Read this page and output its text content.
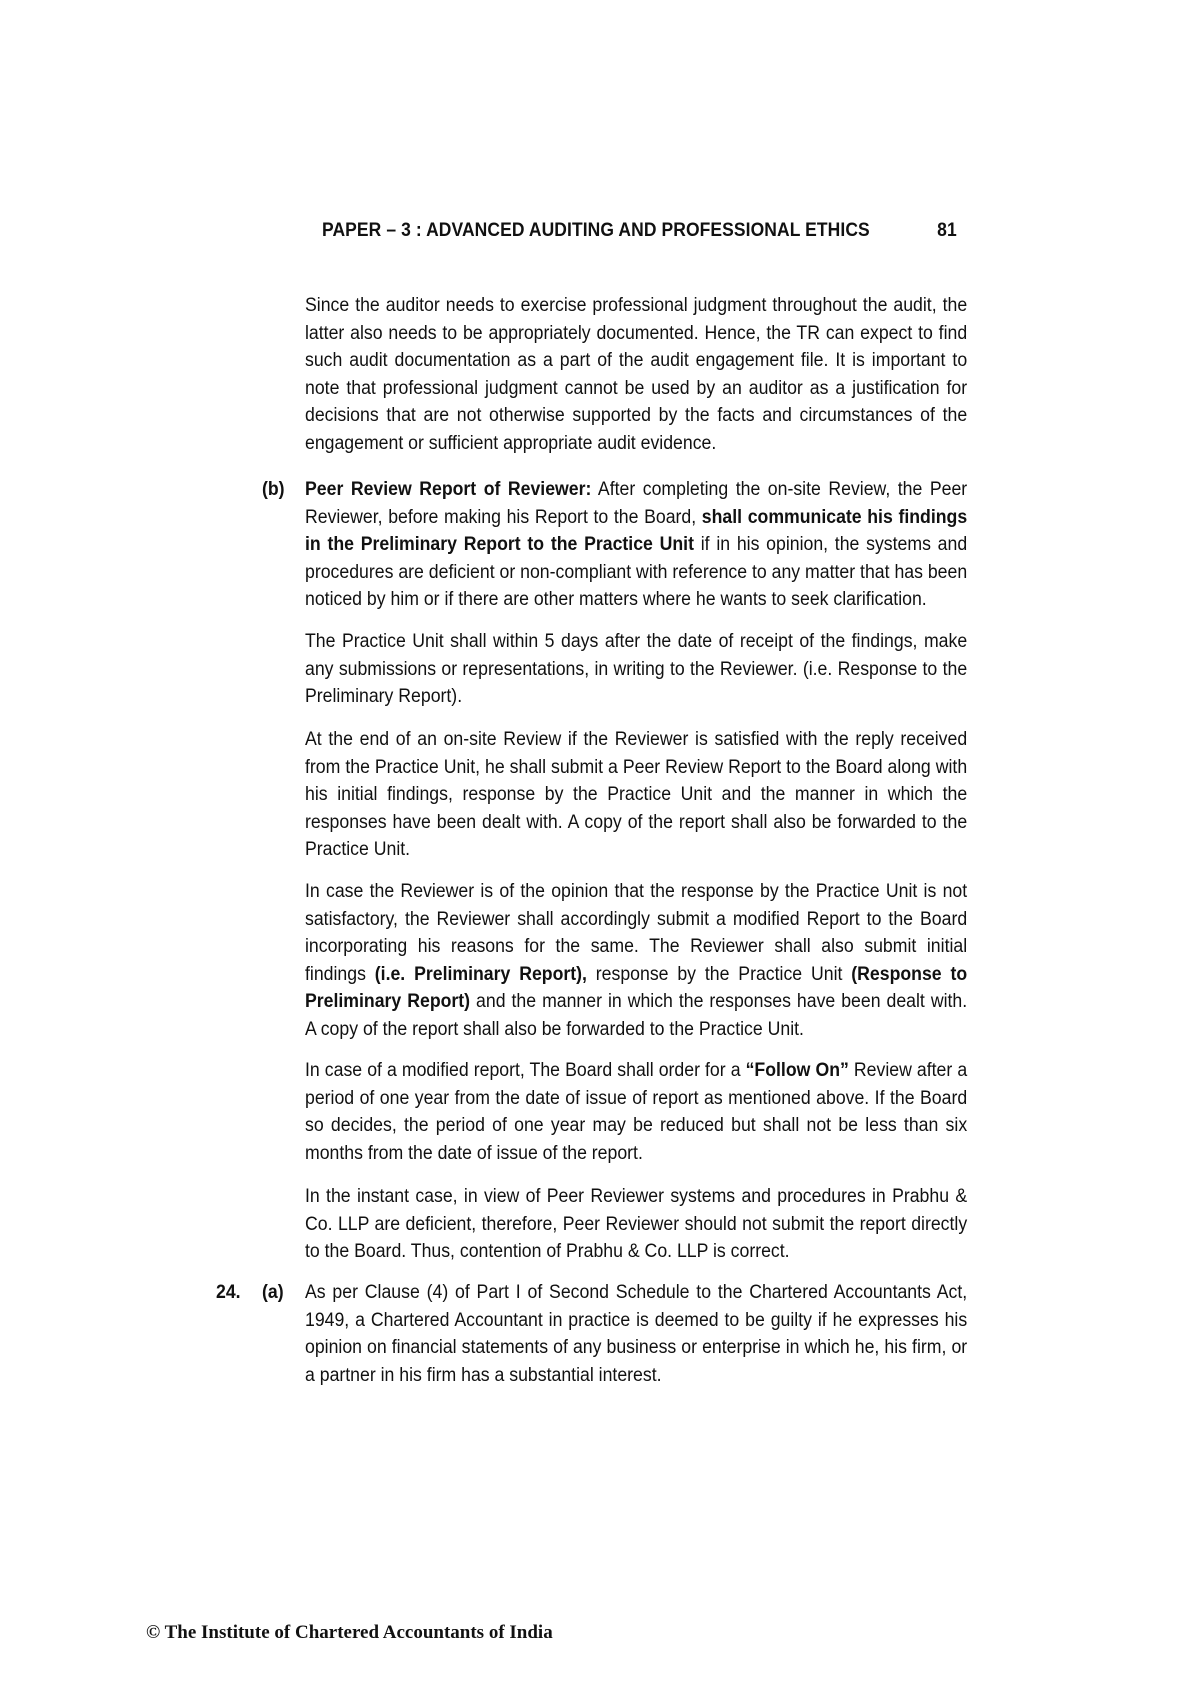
PAPER – 3 : ADVANCED AUDITING AND PROFESSIONAL ETHICS	81

Since the auditor needs to exercise professional judgment throughout the audit, the latter also needs to be appropriately documented. Hence, the TR can expect to find such audit documentation as a part of the audit engagement file. It is important to note that professional judgment cannot be used by an auditor as a justification for decisions that are not otherwise supported by the facts and circumstances of the engagement or sufficient appropriate audit evidence.

(b) Peer Review Report of Reviewer: After completing the on-site Review, the Peer Reviewer, before making his Report to the Board, shall communicate his findings in the Preliminary Report to the Practice Unit if in his opinion, the systems and procedures are deficient or non-compliant with reference to any matter that has been noticed by him or if there are other matters where he wants to seek clarification.

The Practice Unit shall within 5 days after the date of receipt of the findings, make any submissions or representations, in writing to the Reviewer. (i.e. Response to the Preliminary Report).

At the end of an on-site Review if the Reviewer is satisfied with the reply received from the Practice Unit, he shall submit a Peer Review Report to the Board along with his initial findings, response by the Practice Unit and the manner in which the responses have been dealt with. A copy of the report shall also be forwarded to the Practice Unit.

In case the Reviewer is of the opinion that the response by the Practice Unit is not satisfactory, the Reviewer shall accordingly submit a modified Report to the Board incorporating his reasons for the same. The Reviewer shall also submit initial findings (i.e. Preliminary Report), response by the Practice Unit (Response to Preliminary Report) and the manner in which the responses have been dealt with. A copy of the report shall also be forwarded to the Practice Unit.

In case of a modified report, The Board shall order for a “Follow On” Review after a period of one year from the date of issue of report as mentioned above. If the Board so decides, the period of one year may be reduced but shall not be less than six months from the date of issue of the report.

In the instant case, in view of Peer Reviewer systems and procedures in Prabhu & Co. LLP are deficient, therefore, Peer Reviewer should not submit the report directly to the Board. Thus, contention of Prabhu & Co. LLP is correct.

24. (a) As per Clause (4) of Part I of Second Schedule to the Chartered Accountants Act, 1949, a Chartered Accountant in practice is deemed to be guilty if he expresses his opinion on financial statements of any business or enterprise in which he, his firm, or a partner in his firm has a substantial interest.

© The Institute of Chartered Accountants of India
